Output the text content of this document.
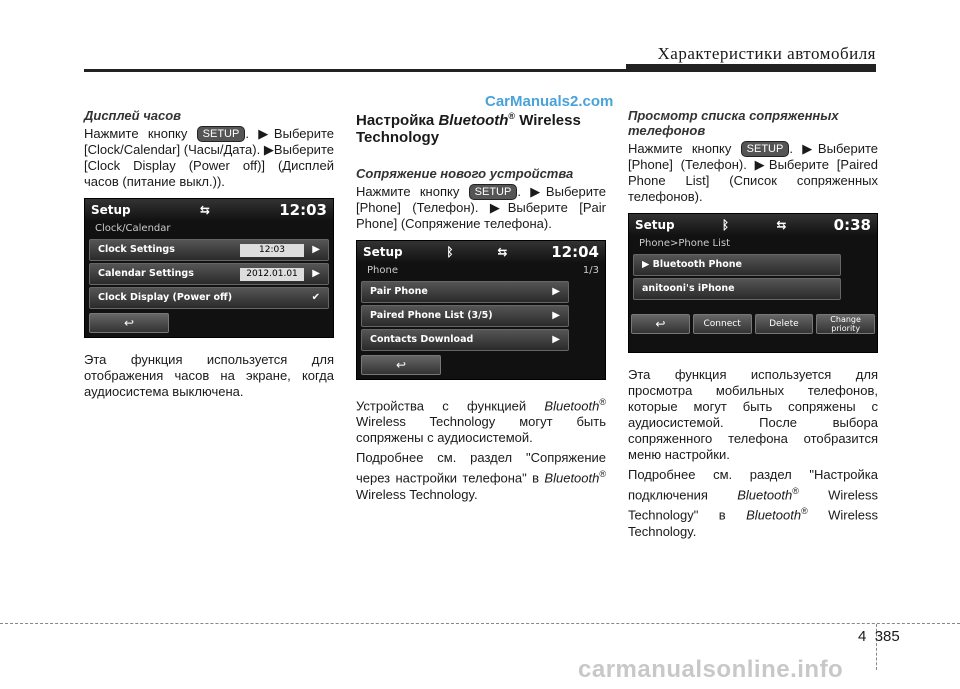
Характеристики автомобиля
CarManuals2.com
Дисплей часов

Нажмите кнопку SETUP . ▶Выберите [Clock/Calendar] (Часы/Дата). ▶Выберите [Clock Display (Power off)] (Дисплей часов (питание выкл.)).

Setup	⇆	12:03
Clock/Calendar
Clock Settings	12:03	▶
Calendar Settings	2012.01.01	▶
Clock Display (Power off)	✔
↩

Эта функция используется для отображения часов на экране, когда аудиосистема выключена.

Настройка Bluetooth® Wireless Technology
Сопряжение нового устройства

Нажмите кнопку SETUP . ▶Выберите [Phone] (Телефон). ▶Выберите [Pair Phone] (Сопряжение телефона).

Setup	ᛒ	⇆	12:04
Phone	1/3
Pair Phone	▶
Paired Phone List (3/5)	▶
Contacts Download	▶
↩

Устройства с функцией Bluetooth® Wireless Technology могут быть сопряжены с аудиосистемой.

Подробнее см. раздел "Сопряжение через настройки телефона" в Bluetooth® Wireless Technology.

Просмотр списка сопряженных телефонов

Нажмите кнопку SETUP . ▶Выберите [Phone] (Телефон). ▶Выберите [Paired Phone List] (Список сопряженных телефонов).

Setup	ᛒ	⇆	0:38
Phone>Phone List
▶ Bluetooth Phone
anitooni's iPhone
↩	Connect	Delete	Change priority

Эта функция используется для просмотра мобильных телефонов, которые могут быть сопряжены с аудиосистемой. После выбора сопряженного телефона отобразится меню настройки.

Подробнее см. раздел "Настройка подключения Bluetooth® Wireless Technology" в Bluetooth® Wireless Technology.

4 385
carmanualsonline.info
